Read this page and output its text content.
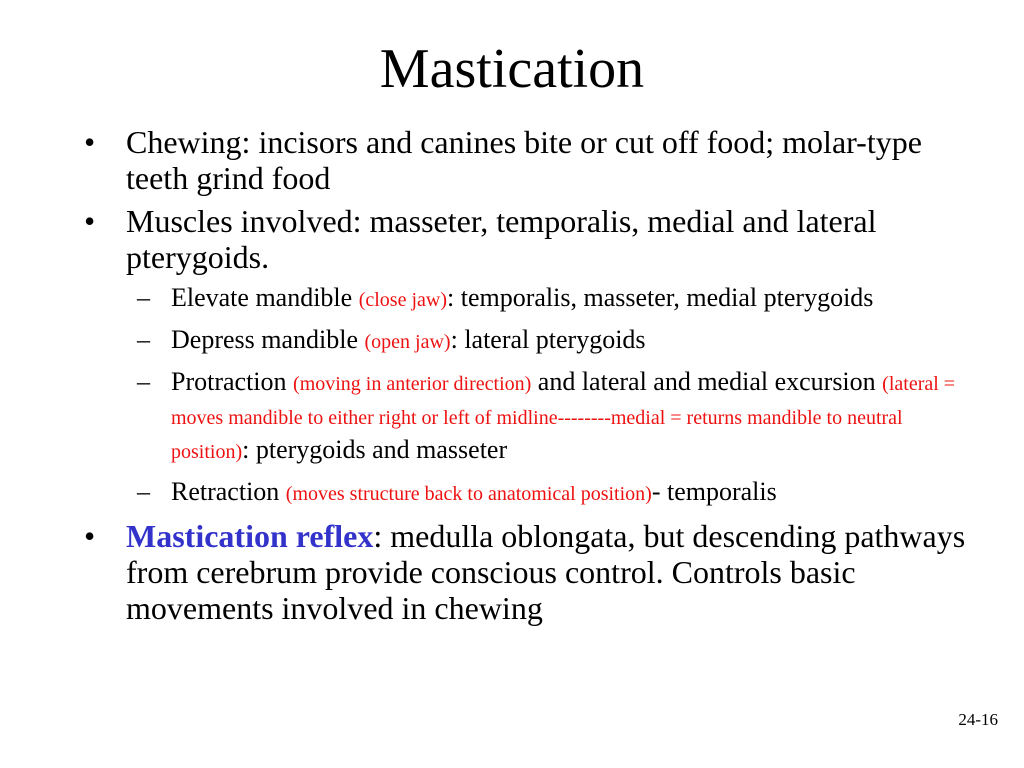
Mastication
• Chewing: incisors and canines bite or cut off food; molar-type teeth grind food
• Muscles involved: masseter, temporalis, medial and lateral pterygoids.
– Elevate mandible (close jaw): temporalis, masseter, medial pterygoids
– Depress mandible (open jaw): lateral pterygoids
– Protraction (moving in anterior direction) and lateral and medial excursion (lateral = moves mandible to either right or left of midline--------medial = returns mandible to neutral position): pterygoids and masseter
– Retraction (moves structure back to anatomical position)- temporalis
• Mastication reflex: medulla oblongata, but descending pathways from cerebrum provide conscious control. Controls basic movements involved in chewing
24-16
